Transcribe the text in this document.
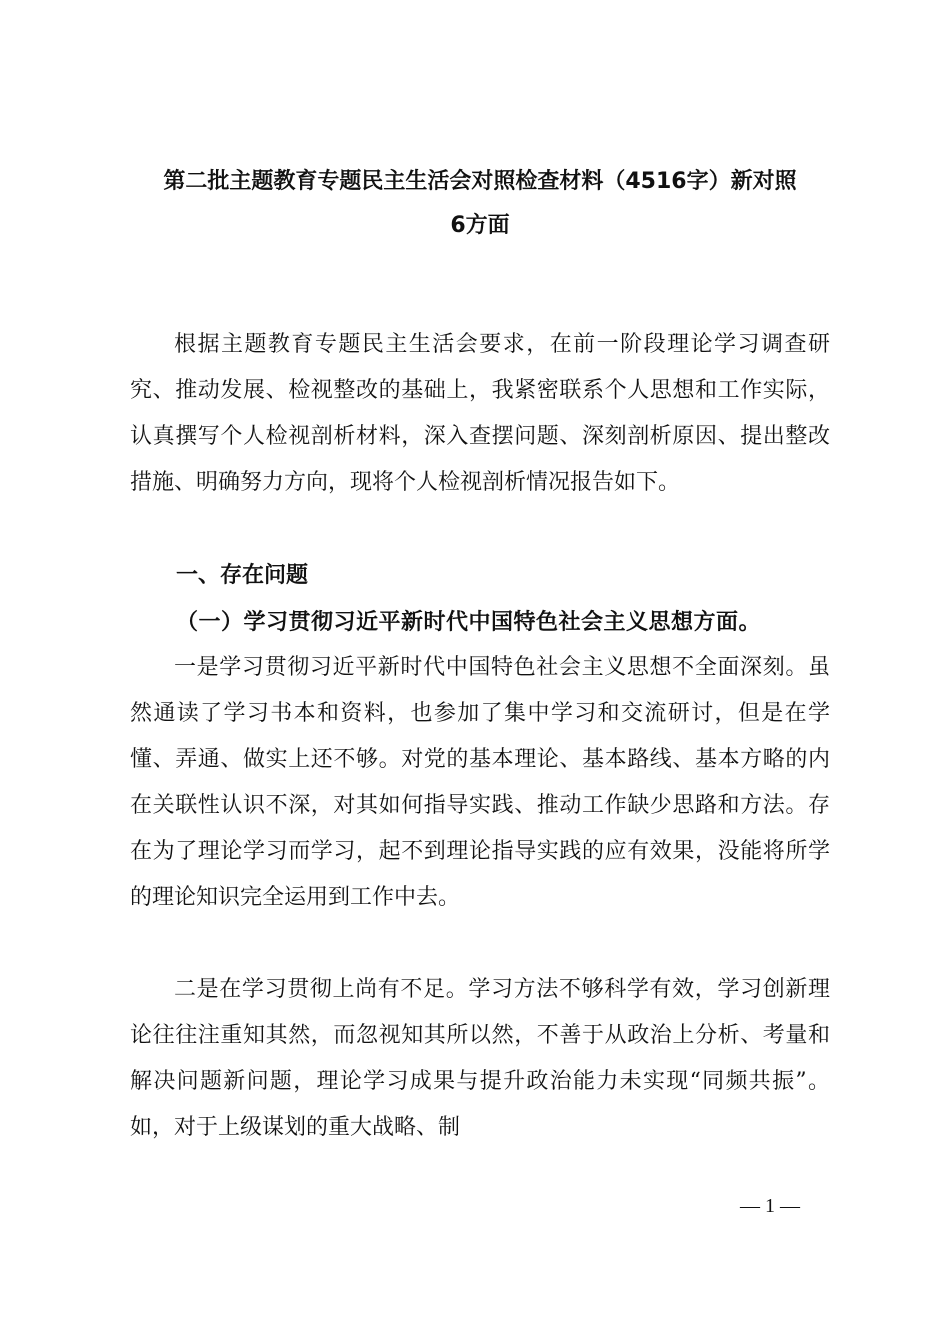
第二批主题教育专题民主生活会对照检查材料（4516字）新对照
6方面

根据主题教育专题民主生活会要求，在前一阶段理论学习调查研究、推动发展、检视整改的基础上，我紧密联系个人思想和工作实际，认真撰写个人检视剖析材料，深入查摆问题、深刻剖析原因、提出整改措施、明确努力方向，现将个人检视剖析情况报告如下。

一、存在问题
（一）学习贯彻习近平新时代中国特色社会主义思想方面。

一是学习贯彻习近平新时代中国特色社会主义思想不全面深刻。虽然通读了学习书本和资料，也参加了集中学习和交流研讨，但是在学懂、弄通、做实上还不够。对党的基本理论、基本路线、基本方略的内在关联性认识不深，对其如何指导实践、推动工作缺少思路和方法。存在为了理论学习而学习，起不到理论指导实践的应有效果，没能将所学的理论知识完全运用到工作中去。

二是在学习贯彻上尚有不足。学习方法不够科学有效，学习创新理论往往注重知其然，而忽视知其所以然，不善于从政治上分析、考量和解决问题新问题，理论学习成果与提升政治能力未实现“同频共振”。如，对于上级谋划的重大战略、制

— 1 —
